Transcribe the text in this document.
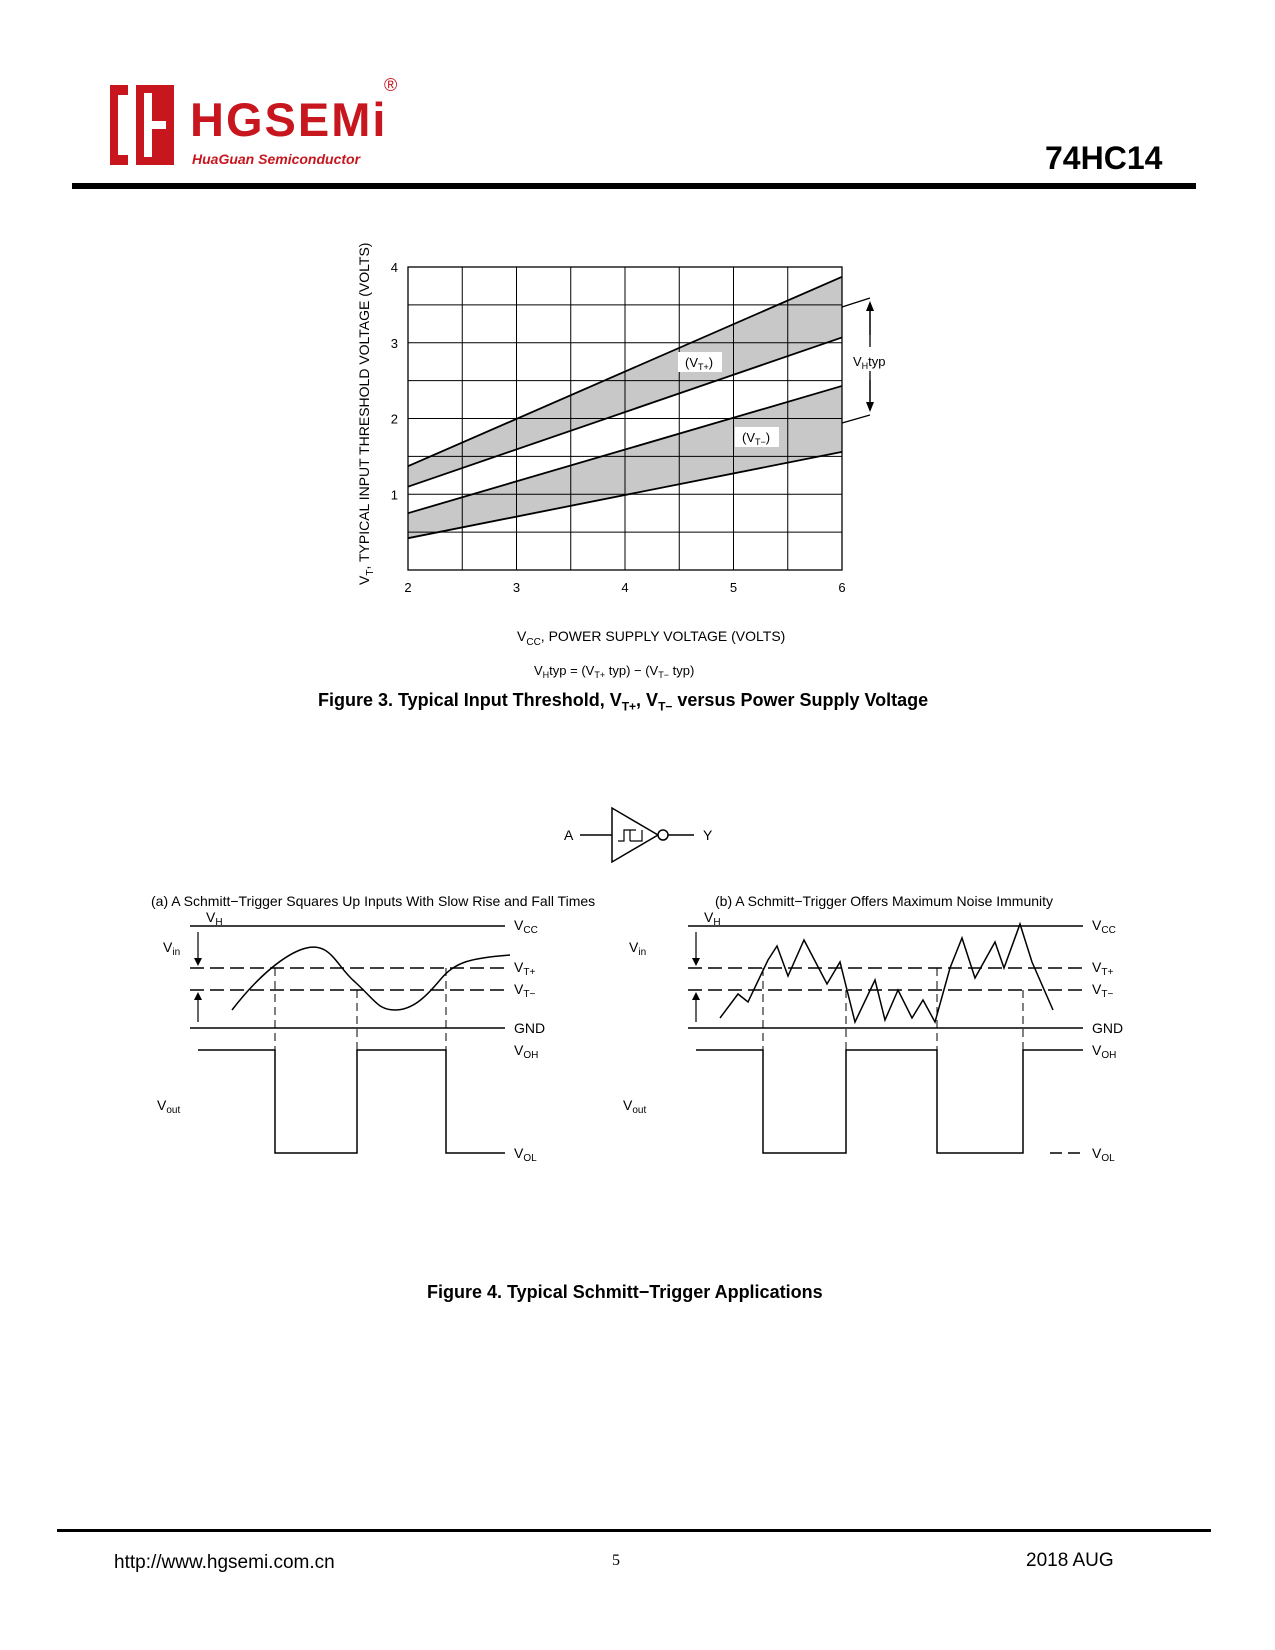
HGSEMi
®
HuaGuan Semiconductor	74HC14
2	3	4	5	6
1
2
3
4
$V_T$, TYPICAL INPUT THRESHOLD VOLTAGE (VOLTS)
$V_{CC}$, POWER SUPPLY VOLTAGE (VOLTS)
$V_Htyp = (V_{T+}$ $typ) - (V_{T-}$ typ)
$(V_{T+})$
$(V_{T-})$
$V_Htyp$
Figure 3. Typical Input Threshold, $V_{T+}$, $V_{T-}$ versus Power Supply Voltage
A	Y
(a) A Schmitt−Trigger Squares Up Inputs With Slow Rise and Fall Times
$V_H$
$V_{in}$
$V_{out}$
$V_{CC}$
$V_{T+}$
$V_{T-}$
GND
$V_{OH}$
$V_{OL}$
(b) A Schmitt−Trigger Offers Maximum Noise Immunity
$V_H$
$V_{in}$
$V_{out}$
$V_{CC}$
$V_{T+}$
$V_{T-}$
GND
$V_{OH}$
$V_{OL}$
Figure 4. Typical Schmitt−Trigger Applications
http://www.hgsemi.com.cn	5	2018 AUG
